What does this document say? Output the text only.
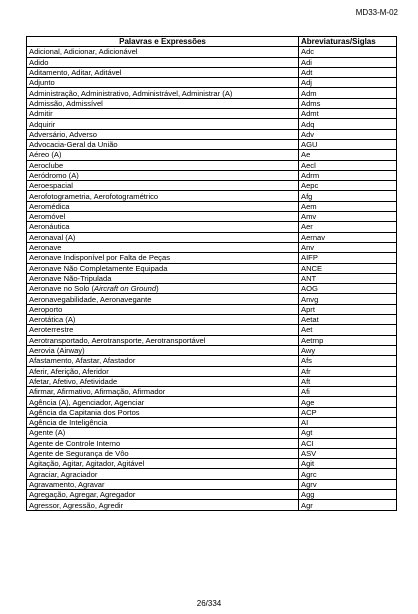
MD33-M-02
Palavras e Expressões	Abreviaturas/Siglas
Adicional, Adicionar, Adicionável	Adc
Adido	Adi
Aditamento, Aditar, Aditável	Adt
Adjunto	Adj
Administração, Administrativo, Administrável, Administrar (A)	Adm
Admissão, Admissível	Adms
Admitir	Admt
Adquirir	Adq
Adversário, Adverso	Adv
Advocacia-Geral da União	AGU
Aéreo (A)	Ae
Aeroclube	Aecl
Aeródromo (A)	Adrm
Aeroespacial	Aepc
Aerofotogrametria, Aerofotogramétrico	Afg
Aeromédica	Aem
Aeromóvel	Amv
Aeronáutica	Aer
Aeronaval (A)	Aernav
Aeronave	Anv
Aeronave Indisponível por Falta de Peças	AIFP
Aeronave Não Completamente Equipada	ANCE
Aeronave Não-Tripulada	ANT
Aeronave no Solo (Aircraft on Ground)	AOG
Aeronavegabilidade, Aeronavegante	Anvg
Aeroporto	Aprt
Aerotática (A)	Aetat
Aeroterrestre	Aet
Aerotransportado, Aerotransporte, Aerotransportável	Aetrnp
Aerovia (Airway)	Awy
Afastamento, Afastar, Afastador	Afs
Aferir, Aferição, Aferidor	Afr
Afetar, Afetivo, Afetividade	Aft
Afirmar, Afirmativo, Afirmação, Afirmador	Afi
Agência (A), Agenciador, Agenciar	Age
Agência da Capitania dos Portos	ACP
Agência de Inteligência	AI
Agente (A)	Agt
Agente de Controle Interno	ACI
Agente de Segurança de Vôo	ASV
Agitação, Agitar, Agitador, Agitável	Agit
Agraciar, Agraciador	Agrc
Agravamento, Agravar	Agrv
Agregação, Agregar, Agregador	Agg
Agressor, Agressão, Agredir	Agr
26/334
